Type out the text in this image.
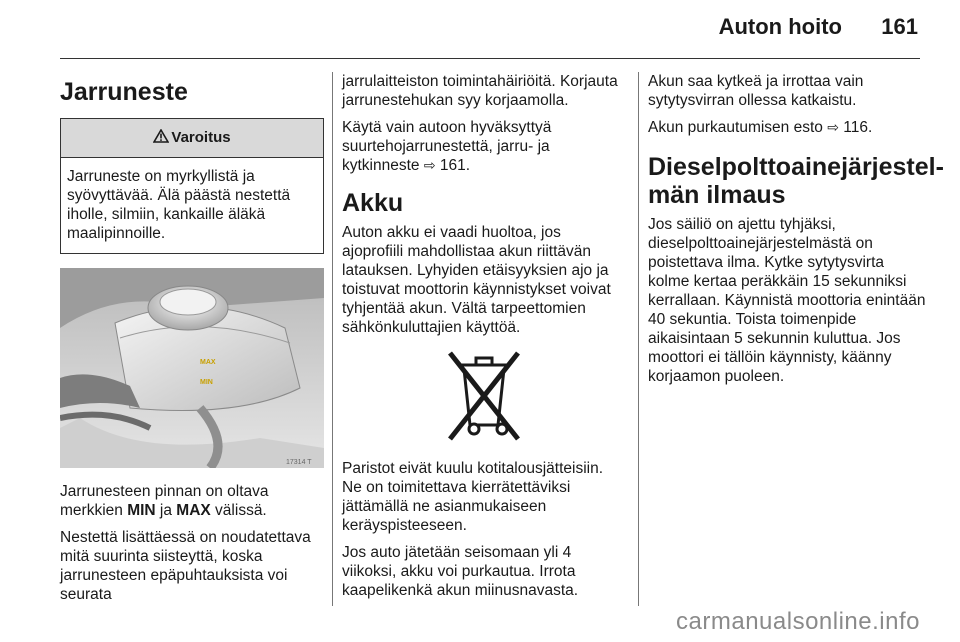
Auton hoito 161
Jarruneste
Varoitus
Jarruneste on myrkyllistä ja syövyttävää. Älä päästä nestettä iholle, silmiin, kankaille äläkä maalipinnoille.
MAX
MIN
17314 T

Jarrunesteen pinnan on oltava merkkien MIN ja MAX välissä.

Nestettä lisättäessä on noudatettava mitä suurinta siisteyttä, koska jarrunesteen epäpuhtauksista voi seurata

jarrulaitteiston toimintahäiriöitä. Korjauta jarrunestehukan syy korjaamolla.

Käytä vain autoon hyväksyttyä suurtehojarrunestettä, jarru- ja kytkinneste ⇨ 161.

Akku

Auton akku ei vaadi huoltoa, jos ajoprofiili mahdollistaa akun riittävän latauksen. Lyhyiden etäisyyksien ajo ja toistuvat moottorin käynnistykset voivat tyhjentää akun. Vältä tarpeettomien sähkönkuluttajien käyttöä.

Paristot eivät kuulu kotitalousjätteisiin. Ne on toimitettava kierrätettäviksi jättämällä ne asianmukaiseen keräyspisteeseen.

Jos auto jätetään seisomaan yli 4 viikoksi, akku voi purkautua. Irrota kaapelikenkä akun miinusnavasta.

Akun saa kytkeä ja irrottaa vain sytytysvirran ollessa katkaistu.

Akun purkautumisen esto ⇨ 116.

Dieselpolttoainejärjestel-
män ilmaus

Jos säiliö on ajettu tyhjäksi, dieselpolttoainejärjestelmästä on poistettava ilma. Kytke sytytysvirta kolme kertaa peräkkäin 15 sekunniksi kerrallaan. Käynnistä moottoria enintään 40 sekuntia. Toista toimenpide aikaisintaan 5 sekunnin kuluttua. Jos moottori ei tällöin käynnisty, käänny korjaamon puoleen.

carmanualsonline.info
